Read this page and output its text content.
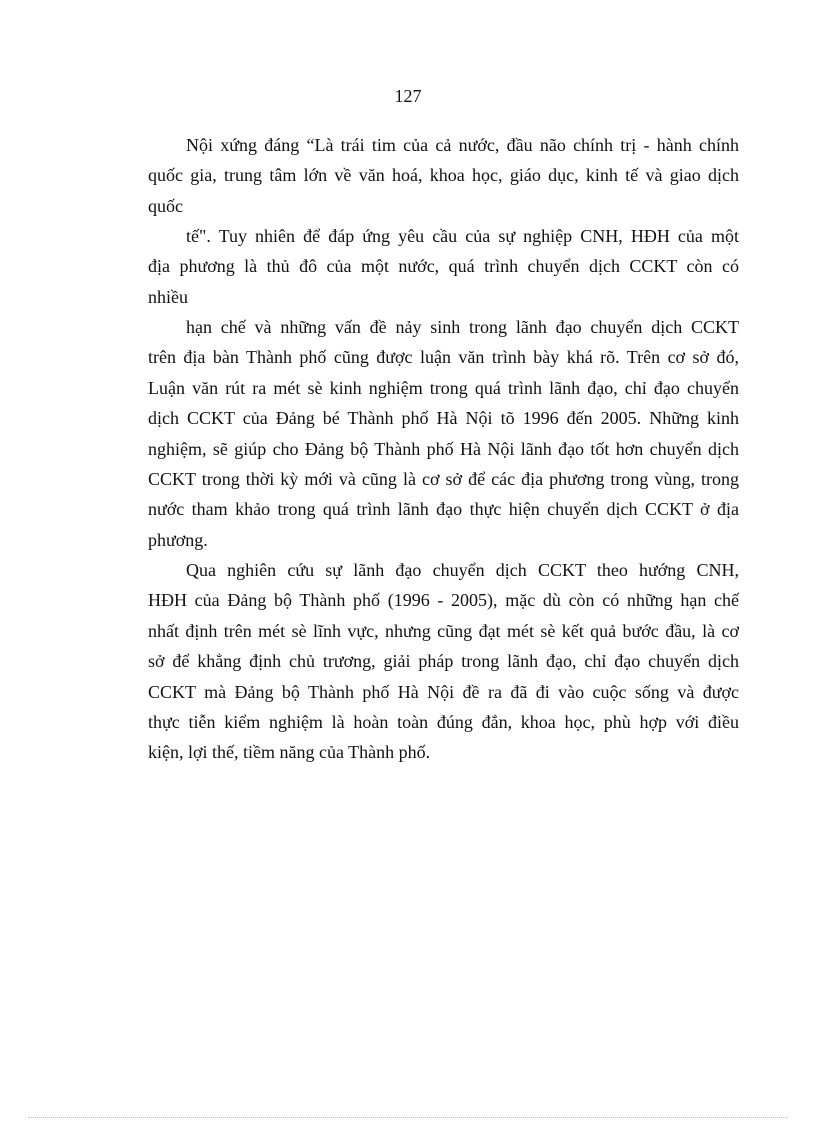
127
Nội xứng đáng “Là trái tim của cả nước, đầu não chính trị - hành chính
quốc gia, trung tâm lớn về văn hoá, khoa học, giáo dục, kinh tế và giao dịch
quốc
tế". Tuy nhiên để đáp ứng yêu cầu của sự nghiệp CNH, HĐH của một
địa phương là thủ đô của một nước, quá trình chuyển dịch CCKT còn có
nhiều
hạn chế và những vấn đề nảy sinh trong lãnh đạo chuyển dịch CCKT
trên địa bàn Thành phố cũng được luận văn trình bày khá rõ. Trên cơ sở đó,
Luận văn rút ra mét sè kinh nghiệm trong quá trình lãnh đạo, chỉ đạo chuyển
dịch CCKT của Đảng bé Thành phố Hà Nội tõ 1996 đến 2005. Những kinh
nghiệm, sẽ giúp cho Đảng bộ Thành phố Hà Nội lãnh đạo tốt hơn chuyển dịch
CCKT trong thời kỳ mới và cũng là cơ sở để các địa phương trong vùng, trong
nước tham khảo trong quá trình lãnh đạo thực hiện chuyển dịch CCKT ở địa
phương.
Qua nghiên cứu sự lãnh đạo chuyển dịch CCKT theo hướng CNH,
HĐH của Đảng bộ Thành phố (1996 - 2005), mặc dù còn có những hạn chế
nhất định trên mét sè lĩnh vực, nhưng cũng đạt mét sè kết quả bước đầu, là cơ
sở để khẳng định chủ trương, giải pháp trong lãnh đạo, chỉ đạo chuyển dịch
CCKT mà Đảng bộ Thành phố Hà Nội đề ra đã đi vào cuộc sống và được
thực tiễn kiểm nghiệm là hoàn toàn đúng đắn, khoa học, phù hợp với điều
kiện, lợi thế, tiềm năng của Thành phố.
